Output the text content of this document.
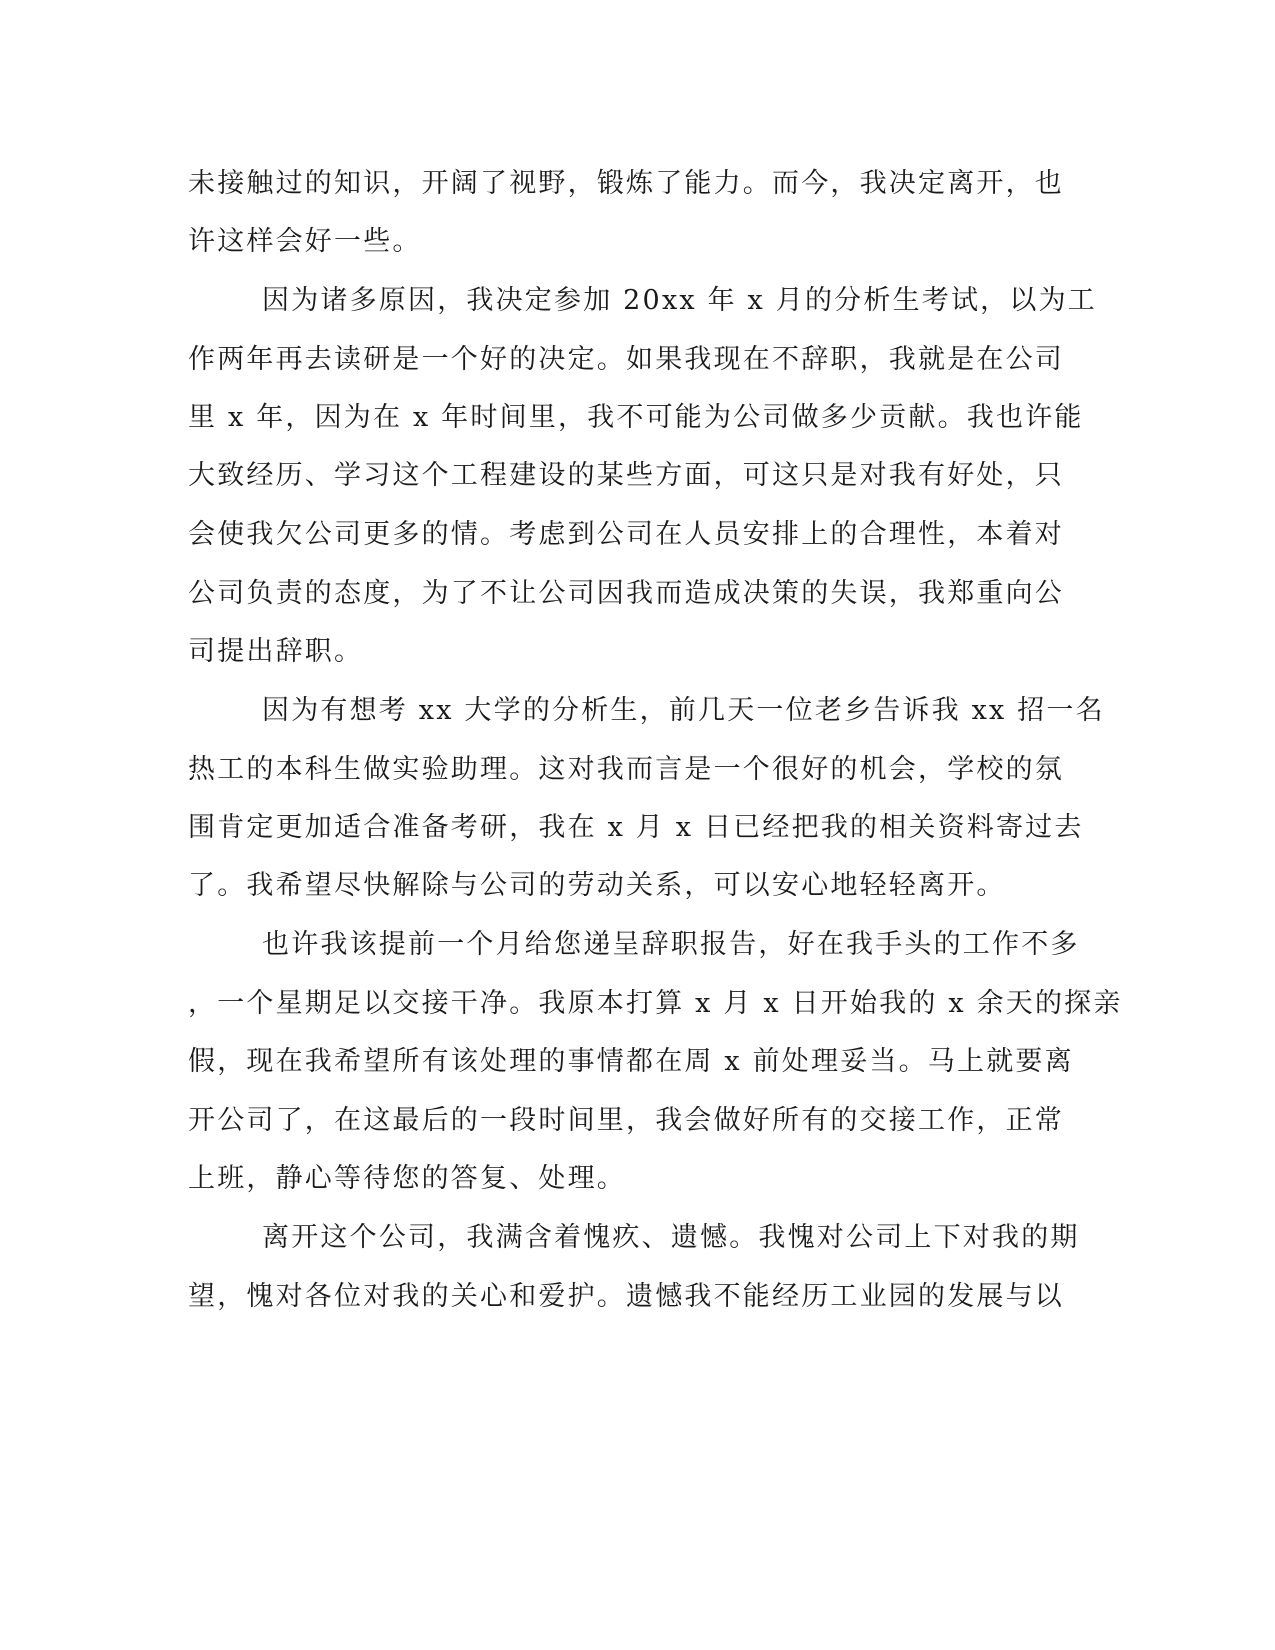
未接触过的知识，开阔了视野，锻炼了能力。而今，我决定离开，也
许这样会好一些。
因为诸多原因，我决定参加 20xx 年 x 月的分析生考试，以为工
作两年再去读研是一个好的决定。如果我现在不辞职，我就是在公司
里 x 年，因为在 x 年时间里，我不可能为公司做多少贡献。我也许能
大致经历、学习这个工程建设的某些方面，可这只是对我有好处，只
会使我欠公司更多的情。考虑到公司在人员安排上的合理性，本着对
公司负责的态度，为了不让公司因我而造成决策的失误，我郑重向公
司提出辞职。
因为有想考 xx 大学的分析生，前几天一位老乡告诉我 xx 招一名
热工的本科生做实验助理。这对我而言是一个很好的机会，学校的氛
围肯定更加适合准备考研，我在 x 月 x 日已经把我的相关资料寄过去
了。我希望尽快解除与公司的劳动关系，可以安心地轻轻离开。
也许我该提前一个月给您递呈辞职报告，好在我手头的工作不多
，一个星期足以交接干净。我原本打算 x 月 x 日开始我的 x 余天的探亲
假，现在我希望所有该处理的事情都在周 x 前处理妥当。马上就要离
开公司了，在这最后的一段时间里，我会做好所有的交接工作，正常
上班，静心等待您的答复、处理。
离开这个公司，我满含着愧疚、遗憾。我愧对公司上下对我的期
望，愧对各位对我的关心和爱护。遗憾我不能经历工业园的发展与以
